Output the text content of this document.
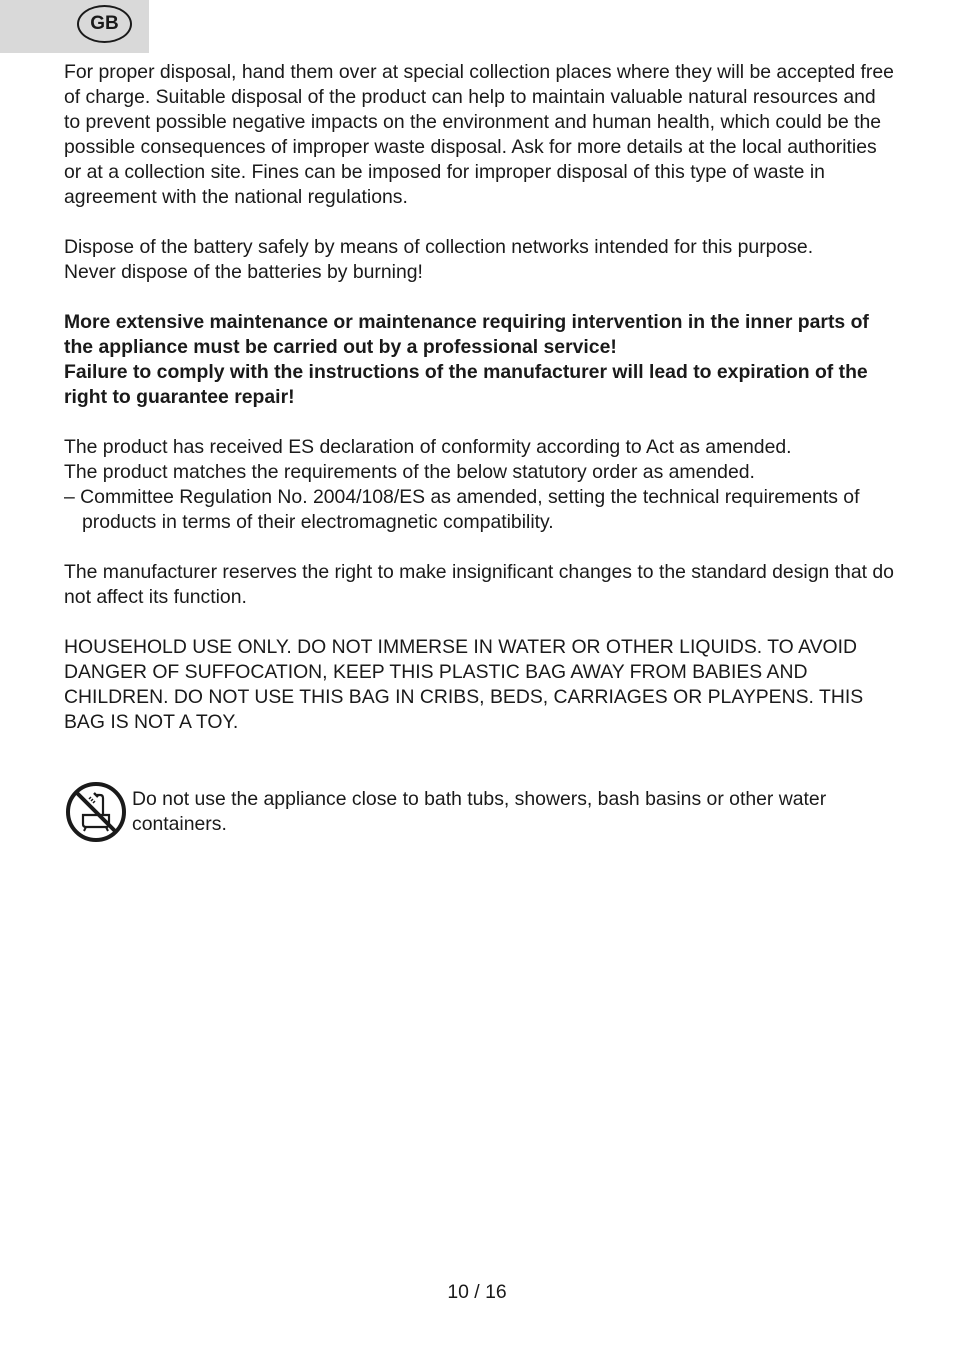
GB

For proper disposal, hand them over at special collection places where they will be accepted free of charge. Suitable disposal of the product can help to maintain valuable natural resources and to prevent possible negative impacts on the environment and human health, which could be the possible consequences of improper waste disposal. Ask for more details at the local authorities or at a collection site. Fines can be imposed for improper disposal of this type of waste in agreement with the national regulations.

Dispose of the battery safely by means of collection networks intended for this purpose.
Never dispose of the batteries by burning!

More extensive maintenance or maintenance requiring intervention in the inner parts of the appliance must be carried out by a professional service!
Failure to comply with the instructions of the manufacturer will lead to expiration of the right to guarantee repair!

The product has received ES declaration of conformity according to Act as amended.
The product matches the requirements of the below statutory order as amended.
– Committee Regulation No. 2004/108/ES as amended, setting the technical requirements of products in terms of their electromagnetic compatibility.

The manufacturer reserves the right to make insignificant changes to the standard design that do not affect its function.

HOUSEHOLD USE ONLY. DO NOT IMMERSE IN WATER OR OTHER LIQUIDS. TO AVOID DANGER OF SUFFOCATION, KEEP THIS PLASTIC BAG AWAY FROM BABIES AND CHILDREN. DO NOT USE THIS BAG IN CRIBS, BEDS, CARRIAGES OR PLAYPENS. THIS BAG IS NOT A TOY.

Do not use the appliance close to bath tubs, showers, bash basins or other water containers.
10 / 16
